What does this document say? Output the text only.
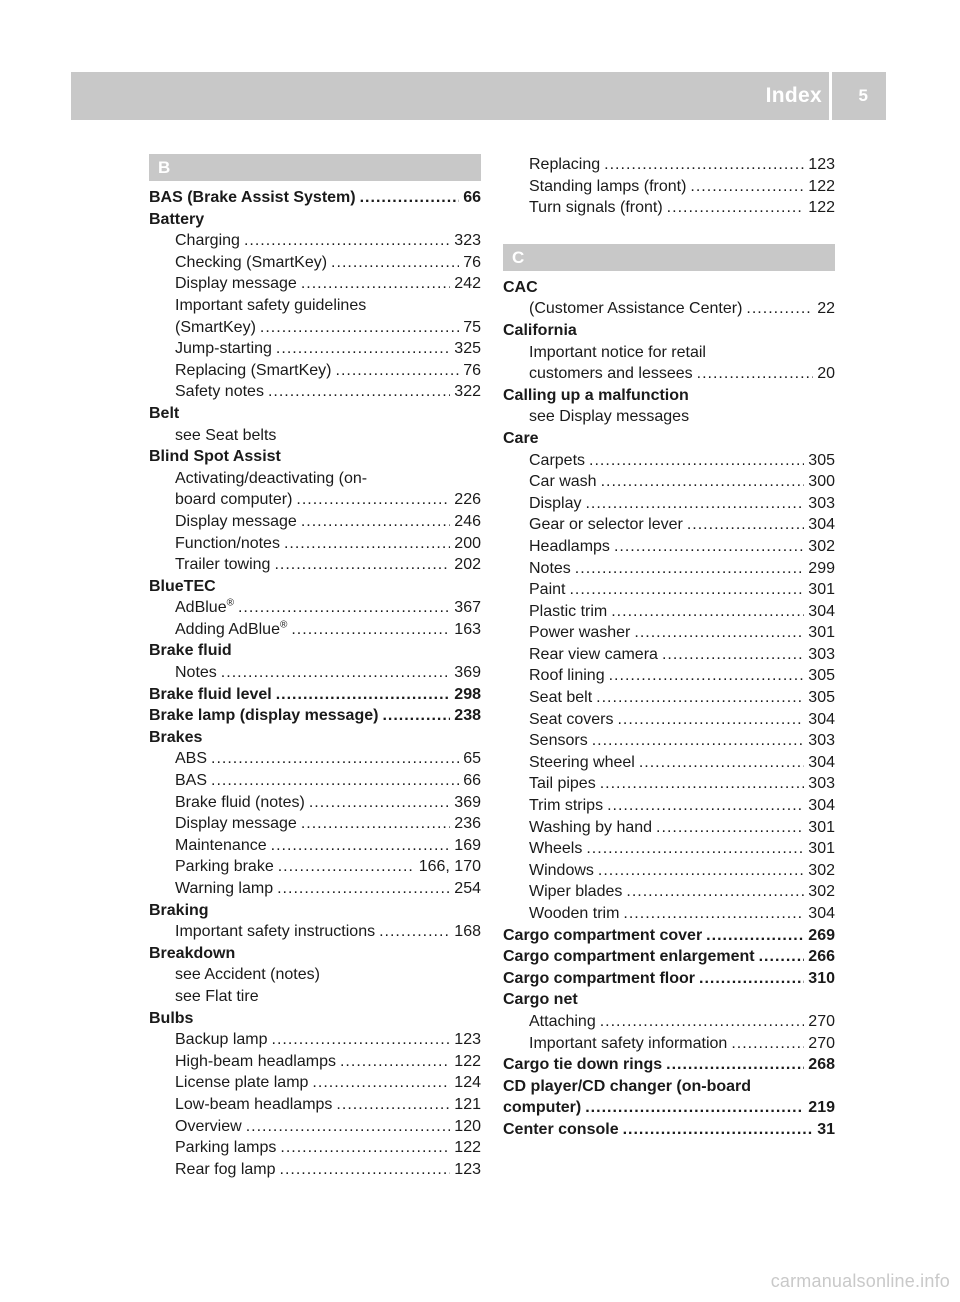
Index 5
B
BAS (Brake Assist System) .....	66
Battery
Charging .....	323
Checking (SmartKey) .....	76
Display message .....	242
Important safety guidelines
(SmartKey) .....	75
Jump-starting .....	325
Replacing (SmartKey) .....	76
Safety notes .....	322
Belt
see Seat belts
Blind Spot Assist
Activating/deactivating (on-
board computer) .....	226
Display message .....	246
Function/notes .....	200
Trailer towing .....	202
BlueTEC
AdBlue® .....	367
Adding AdBlue® .....	163
Brake fluid
Notes .....	369
Brake fluid level .....	298
Brake lamp (display message) .....	238
Brakes
ABS .....	65
BAS .....	66
Brake fluid (notes) .....	369
Display message .....	236
Maintenance .....	169
Parking brake .....	166, 170
Warning lamp .....	254
Braking
Important safety instructions .....	168
Breakdown
see Accident (notes)
see Flat tire
Bulbs
Backup lamp .....	123
High-beam headlamps .....	122
License plate lamp .....	124
Low-beam headlamps .....	121
Overview .....	120
Parking lamps .....	122
Rear fog lamp .....	123
Replacing .....	123
Standing lamps (front) .....	122
Turn signals (front) .....	122
C
CAC
(Customer Assistance Center) .....	22
California
Important notice for retail
customers and lessees .....	20
Calling up a malfunction
see Display messages
Care
Carpets .....	305
Car wash .....	300
Display .....	303
Gear or selector lever .....	304
Headlamps .....	302
Notes .....	299
Paint .....	301
Plastic trim .....	304
Power washer .....	301
Rear view camera .....	303
Roof lining .....	305
Seat belt .....	305
Seat covers .....	304
Sensors .....	303
Steering wheel .....	304
Tail pipes .....	303
Trim strips .....	304
Washing by hand .....	301
Wheels .....	301
Windows .....	302
Wiper blades .....	302
Wooden trim .....	304
Cargo compartment cover .....	269
Cargo compartment enlargement .....	266
Cargo compartment floor .....	310
Cargo net
Attaching .....	270
Important safety information .....	270
Cargo tie down rings .....	268
CD player/CD changer (on-board
computer) .....	219
Center console .....	31
carmanualsonline.info
